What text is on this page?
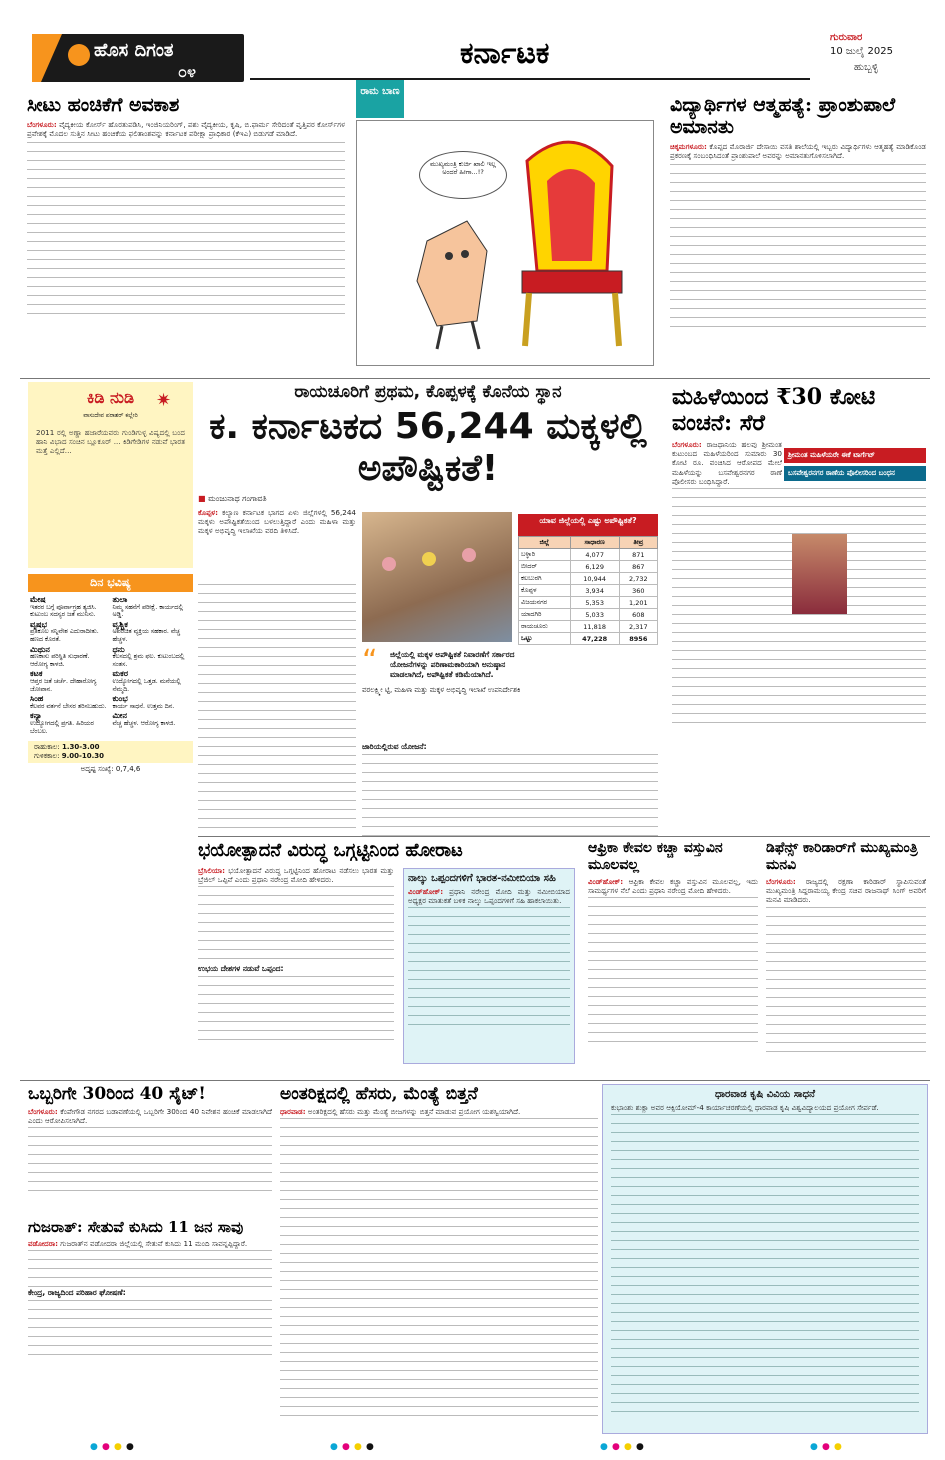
ಹೊಸ ದಿಗಂತ
೦೪
ಕರ್ನಾಟಕ	ಗುರುವಾರ
10 ಜುಲೈ 2025
ಹುಬ್ಬಳ್ಳಿ
ಸೀಟು ಹಂಚಿಕೆಗೆ ಅವಕಾಶ
ಬೆಂಗಳೂರು: ವೈದ್ಯಕೀಯ ಕೋರ್ಸ್ ಹೊರತುಪಡಿಸಿ, ಇಂಜಿನಿಯರಿಂಗ್, ಪಶು ವೈದ್ಯಕೀಯ, ಕೃಷಿ, ಬಿ.ಫಾರ್ಮ ಸೇರಿದಂತೆ ವೃತ್ತಿಪರ ಕೋರ್ಸ್‌ಗಳ ಪ್ರವೇಶಕ್ಕೆ ಮೊದಲ ಸುತ್ತಿನ ಸೀಟು ಹಂಚಿಕೆಯ ಫಲಿತಾಂಶವನ್ನು ಕರ್ನಾಟಕ ಪರೀಕ್ಷಾ ಪ್ರಾಧಿಕಾರ (ಕೆಇಎ) ಬಿಡುಗಡೆ ಮಾಡಿದೆ.
ರಾಮ ಬಾಣ
ಮುಖ್ಯಮಂತ್ರಿ ಕುರ್ಚಿ ಖಾಲಿ ಇಲ್ಲ ಅಂದರೆ ಹೀಗಾ...!?
ವಿದ್ಯಾರ್ಥಿಗಳ ಆತ್ಮಹತ್ಯೆ: ಪ್ರಾಂಶುಪಾಲೆ ಅಮಾನತು
ಚಿಕ್ಕಮಗಳೂರು: ಕೊಪ್ಪದ ಮೊರಾರ್ಜಿ ದೇಸಾಯಿ ವಸತಿ ಶಾಲೆಯಲ್ಲಿ ಇಬ್ಬರು ವಿದ್ಯಾರ್ಥಿಗಳು ಆತ್ಮಹತ್ಯೆ ಮಾಡಿಕೊಂಡ ಪ್ರಕರಣಕ್ಕೆ ಸಂಬಂಧಿಸಿದಂತೆ ಪ್ರಾಂಶುಪಾಲೆ ಅವರನ್ನು ಅಮಾನತುಗೊಳಿಸಲಾಗಿದೆ.
ಕಿಡಿ ನುಡಿ	✷
ವಾಸುದೇವ ಪರಾಶರ್ ಕಲ್ಲೇರಿ
2011 ರಲ್ಲಿ ಅಣ್ಣಾ ಹಜಾರೆಯವರು ಗುಂಡಿಗುಳ್ಳ ವಿಷ್ಯದಲ್ಲಿ ಬಂದ ಹಾನಿ ವಿಭಾದ ಸಂಚಿನ ಬ್ಲೂಕೂರ್ ... ಕಿಡಿಗೇಡಿಗಳ ನಡುವೆ ಭಾರತ ಮತ್ತೆ ಎಲ್ಲಿದೆ...
ದಿನ ಭವಿಷ್ಯ
ಮೇಷ
ಇತರರ ಬಗ್ಗೆ ಪೂರ್ವಾಗ್ರಹ ತ್ಯಜಿಸಿ. ಕುಟುಂಬ ಸದಸ್ಯರ ಜತೆ ಮುನಿಸು.
ತುಲಾ
ನಿಮ್ಮ ಸಹನೆಗೆ ಪರೀಕ್ಷೆ. ಕಾರ್ಯದಲ್ಲಿ ಅಡ್ಡಿ.
ವೃಷಭ
ಪ್ರತಿಕೂಲ ಸನ್ನಿವೇಶ ಎದುರಾದೀತು. ಹಣದ ಕೊರತೆ.
ವೃಶ್ಚಿಕ
ಅಪರಿಚಿತ ವ್ಯಕ್ತಿಯ ಸಹಕಾರ. ವೆಚ್ಚ ಹೆಚ್ಚಳ.
ಮಿಥುನ
ಹಣಕಾಸು ಪರಿಸ್ಥಿತಿ ಸುಧಾರಣೆ. ಆರೋಗ್ಯ ಕಾಳಜಿ.
ಧನು
ಕೆಲಸದಲ್ಲಿ ಶ್ರಮ ಫಲ. ಕುಟುಂಬದಲ್ಲಿ ಸಂತಸ.
ಕಟಕ
ಆಪ್ತರ ಜತೆ ಚರ್ಚೆ. ದೇಹಾರೋಗ್ಯ ಜೋಪಾನ.
ಮಕರ
ಉದ್ಯೋಗದಲ್ಲಿ ಒತ್ತಡ. ಮನೆಯಲ್ಲಿ ನೆಮ್ಮದಿ.
ಸಿಂಹ
ಕೆಲವರ ವರ್ತನೆ ಬೇಸರ ತರಿಸಬಹುದು.
ಕುಂಭ
ಕಾರ್ಯ ಸಾಧನೆ. ಉತ್ತಮ ದಿನ.
ಕನ್ಯಾ
ಉದ್ಯೋಗದಲ್ಲಿ ಪ್ರಗತಿ. ಹಿರಿಯರ ಬೆಂಬಲ.
ಮೀನ
ವೆಚ್ಚ ಹೆಚ್ಚಳ. ಆರೋಗ್ಯ ಕಾಳಜಿ.
ರಾಹುಕಾಲ: 1.30-3.00
ಗುಳಿಕಕಾಲ: 9.00-10.30
ಅದೃಷ್ಟ ಸಂಖ್ಯೆ: 0,7,4,6
ರಾಯಚೂರಿಗೆ ಪ್ರಥಮ, ಕೊಪ್ಪಳಕ್ಕೆ ಕೊನೆಯ ಸ್ಥಾನ
ಕ. ಕರ್ನಾಟಕದ 56,244 ಮಕ್ಕಳಲ್ಲಿ ಅಪೌಷ್ಟಿಕತೆ!
■ ಮಂಜುನಾಥ ಗಂಗಾವತಿ
ಕೊಪ್ಪಳ: ಕಲ್ಯಾಣ ಕರ್ನಾಟಕ ಭಾಗದ ಏಳು ಜಿಲ್ಲೆಗಳಲ್ಲಿ 56,244 ಮಕ್ಕಳು ಅಪೌಷ್ಟಿಕತೆಯಿಂದ ಬಳಲುತ್ತಿದ್ದಾರೆ ಎಂದು ಮಹಿಳಾ ಮತ್ತು ಮಕ್ಕಳ ಅಭಿವೃದ್ಧಿ ಇಲಾಖೆಯ ವರದಿ ತಿಳಿಸಿದೆ.
ಯಾವ ಜಿಲ್ಲೆಯಲ್ಲಿ ಎಷ್ಟು ಅಪೌಷ್ಟಿಕತೆ?
ಜಿಲ್ಲೆ	ಸಾಧಾರಣ	ತೀವ್ರ
ಬಳ್ಳಾರಿ	4,077	871
ಬೀದರ್	6,129	867
ಕಲಬುರಗಿ	10,944	2,732
ಕೊಪ್ಪಳ	3,934	360
ವಿಜಯನಗರ	5,353	1,201
ಯಾದಗಿರಿ	5,033	608
ರಾಯಚೂರು	11,818	2,317
ಒಟ್ಟು	47,228	8956
“ ಜಿಲ್ಲೆಯಲ್ಲಿ ಮಕ್ಕಳ ಅಪೌಷ್ಟಿಕತೆ ನಿವಾರಣೆಗೆ ಸರ್ಕಾರದ ಯೋಜನೆಗಳನ್ನು ಪರಿಣಾಮಕಾರಿಯಾಗಿ ಅನುಷ್ಠಾನ ಮಾಡಲಾಗಿದೆ, ಅಪೌಷ್ಟಿಕತೆ ಕಡಿಮೆಯಾಗಿದೆ.
ವರಲಕ್ಷ್ಮೀ ಟ್ಟಿ, ಮಹಿಳಾ ಮತ್ತು ಮಕ್ಕಳ ಅಭಿವೃದ್ಧಿ ಇಲಾಖೆ ಉಪನಿರ್ದೇಶಕಿ
ಜಾರಿಯಲ್ಲಿರುವ ಯೋಜನೆ:
ಮಹಿಳೆಯಿಂದ ₹30 ಕೋಟಿ ವಂಚನೆ: ಸೆರೆ
ಶ್ರೀಮಂತ ಮಹಿಳೆಯರೇ ಈಕೆ ಟಾರ್ಗೆಟ್
ಬಸವೇಶ್ವರನಗರ ಠಾಣೆಯ ಪೊಲೀಸರಿಂದ ಬಂಧನ
ಬೆಂಗಳೂರು: ರಾಜಧಾನಿಯ ಹಲವು ಶ್ರೀಮಂತ ಕುಟುಂಬದ ಮಹಿಳೆಯರಿಂದ ಸುಮಾರು 30 ಕೋಟಿ ರೂ. ವಂಚಿಸಿದ ಆರೋಪದ ಮೇಲೆ ಮಹಿಳೆಯನ್ನು ಬಸವೇಶ್ವರನಗರ ಠಾಣೆ ಪೊಲೀಸರು ಬಂಧಿಸಿದ್ದಾರೆ.
ಭಯೋತ್ಪಾದನೆ ವಿರುದ್ಧ ಒಗ್ಗಟ್ಟಿನಿಂದ ಹೋರಾಟ
ಬ್ರೆಸಿಲಿಯಾ: ಭಯೋತ್ಪಾದನೆ ವಿರುದ್ಧ ಒಗ್ಗಟ್ಟಿನಿಂದ ಹೋರಾಟ ನಡೆಸಲು ಭಾರತ ಮತ್ತು ಬ್ರೆಜಿಲ್ ಒಪ್ಪಿವೆ ಎಂದು ಪ್ರಧಾನಿ ನರೇಂದ್ರ ಮೋದಿ ಹೇಳಿದರು.
ಉಭಯ ದೇಶಗಳ ನಡುವೆ ಒಪ್ಪಂದ:
ನಾಲ್ಕು ಒಪ್ಪಂದಗಳಿಗೆ ಭಾರತ-ನಮೀಬಿಯಾ ಸಹಿ
ವಿಂಡ್‌ಹೋಕ್: ಪ್ರಧಾನಿ ನರೇಂದ್ರ ಮೋದಿ ಮತ್ತು ನಮೀಬಿಯಾದ ಅಧ್ಯಕ್ಷರ ಮಾತುಕತೆ ಬಳಿಕ ನಾಲ್ಕು ಒಪ್ಪಂದಗಳಿಗೆ ಸಹಿ ಹಾಕಲಾಯಿತು.
ಆಫ್ರಿಕಾ ಕೇವಲ ಕಚ್ಚಾ ವಸ್ತುವಿನ ಮೂಲವಲ್ಲ
ವಿಂಡ್‌ಹೋಕ್: ಆಫ್ರಿಕಾ ಕೇವಲ ಕಚ್ಚಾ ವಸ್ತುವಿನ ಮೂಲವಲ್ಲ, ಇದು ಸಾಮರ್ಥ್ಯಗಳ ನೆಲೆ ಎಂದು ಪ್ರಧಾನಿ ನರೇಂದ್ರ ಮೋದಿ ಹೇಳಿದರು.
ಡಿಫೆನ್ಸ್ ಕಾರಿಡಾರ್‌ಗೆ ಮುಖ್ಯಮಂತ್ರಿ ಮನವಿ
ಬೆಂಗಳೂರು: ರಾಜ್ಯದಲ್ಲಿ ರಕ್ಷಣಾ ಕಾರಿಡಾರ್ ಸ್ಥಾಪಿಸುವಂತೆ ಮುಖ್ಯಮಂತ್ರಿ ಸಿದ್ದರಾಮಯ್ಯ ಕೇಂದ್ರ ಸಚಿವ ರಾಜನಾಥ್ ಸಿಂಗ್ ಅವರಿಗೆ ಮನವಿ ಮಾಡಿದರು.
ಒಬ್ಬರಿಗೇ 30ರಿಂದ 40 ಸೈಟ್!
ಬೆಂಗಳೂರು: ಕೆಂಪೇಗೌಡ ನಗರದ ಬಡಾವಣೆಯಲ್ಲಿ ಒಬ್ಬರಿಗೇ 30ರಿಂದ 40 ನಿವೇಶನ ಹಂಚಿಕೆ ಮಾಡಲಾಗಿದೆ ಎಂದು ಆರೋಪಿಸಲಾಗಿದೆ.
ಗುಜರಾತ್: ಸೇತುವೆ ಕುಸಿದು 11 ಜನ ಸಾವು
ವಡೋದರಾ: ಗುಜರಾತ್‌ನ ವಡೋದರಾ ಜಿಲ್ಲೆಯಲ್ಲಿ ಸೇತುವೆ ಕುಸಿದು 11 ಮಂದಿ ಸಾವನ್ನಪ್ಪಿದ್ದಾರೆ.
ಕೇಂದ್ರ, ರಾಜ್ಯದಿಂದ ಪರಿಹಾರ ಘೋಷಣೆ:
ಅಂತರಿಕ್ಷದಲ್ಲಿ ಹೆಸರು, ಮೆಂತ್ಯೆ ಬಿತ್ತನೆ
ಧಾರವಾಡ: ಅಂತರಿಕ್ಷದಲ್ಲಿ ಹೆಸರು ಮತ್ತು ಮೆಂತ್ಯೆ ಬೀಜಗಳನ್ನು ಬಿತ್ತನೆ ಮಾಡುವ ಪ್ರಯೋಗ ಯಶಸ್ವಿಯಾಗಿದೆ.
ಧಾರವಾಡ ಕೃಷಿ ವಿವಿಯ ಸಾಧನೆ
ಕುಭಾಂಶು ಶುಕ್ಲಾ ಅವರ ಆಕ್ಸಿಯೋಮ್-4 ಕಾರ್ಯಾಚರಣೆಯಲ್ಲಿ ಧಾರವಾಡ ಕೃಷಿ ವಿಶ್ವವಿದ್ಯಾಲಯದ ಪ್ರಯೋಗ ಸೇರ್ಪಡೆ.
● ● ● ●	● ● ● ●	● ● ● ●	● ● ●
